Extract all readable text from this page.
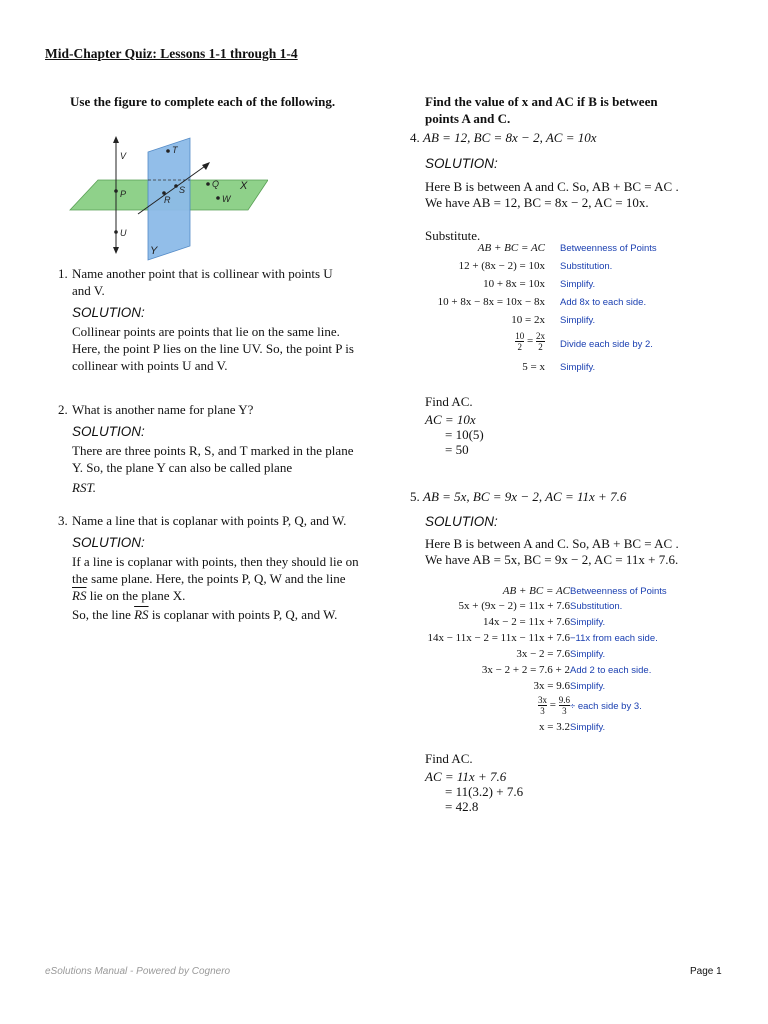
Mid-Chapter Quiz: Lessons 1-1 through 1-4
Use the figure to complete each of the following.
V
T
P	S
Q X
R	W
U
Y
1. Name another point that is collinear with points U and V.
SOLUTION:
Collinear points are points that lie on the same line. Here, the point P lies on the line UV. So, the point P is collinear with points U and V.
2. What is another name for plane Y?
SOLUTION:
There are three points R, S, and T marked in the plane Y. So, the plane Y can also be called plane
RST.
3. Name a line that is coplanar with points P, Q, and W.
SOLUTION:
If a line is coplanar with points, then they should lie on the same plane. Here, the points P, Q, W and the line $\overline{RS}$ lie on the plane X.
So, the line $\overline{RS}$ is coplanar with points P, Q, and W.
Find the value of x and AC if B is between
points A and C.
4. AB = 12, BC = 8x − 2, AC = 10x
SOLUTION:
Here B is between A and C. So, AB + BC = AC .
We have AB = 12, BC = 8x − 2, AC = 10x.
Substitute.
AB + BC = AC Betweenness of Points
12 + (8x − 2) = 10x Substitution.
10 + 8x = 10x Simplify.
10 + 8x − 8x = 10x − 8x Add 8x to each side.
10 = 2x Simplify.
$\frac{10}{2} = \frac{2x}{2}$ Divide each side by 2.
5 = x Simplify.
Find AC.
AC = 10x
= 10(5)
= 50
5. AB = 5x, BC = 9x − 2, AC = 11x + 7.6
SOLUTION:
Here B is between A and C. So, AB + BC = AC .
We have AB = 5x, BC = 9x − 2, AC = 11x + 7.6.
AB + BC = AC Betweenness of Points
5x + (9x − 2) = 11x + 7.6 Substitution.
14x − 2 = 11x + 7.6 Simplify.
14x − 11x − 2 = 11x − 11x + 7.6 −11x from each side.
3x − 2 = 7.6 Simplify.
3x − 2 + 2 = 7.6 + 2 Add 2 to each side.
3x = 9.6 Simplify.
$\frac{3x}{3} = \frac{9.6}{3}$ ÷ each side by 3.
x = 3.2 Simplify.
Find AC.
AC = 11x + 7.6
= 11(3.2) + 7.6
= 42.8
eSolutions Manual - Powered by Cognero	Page 1
